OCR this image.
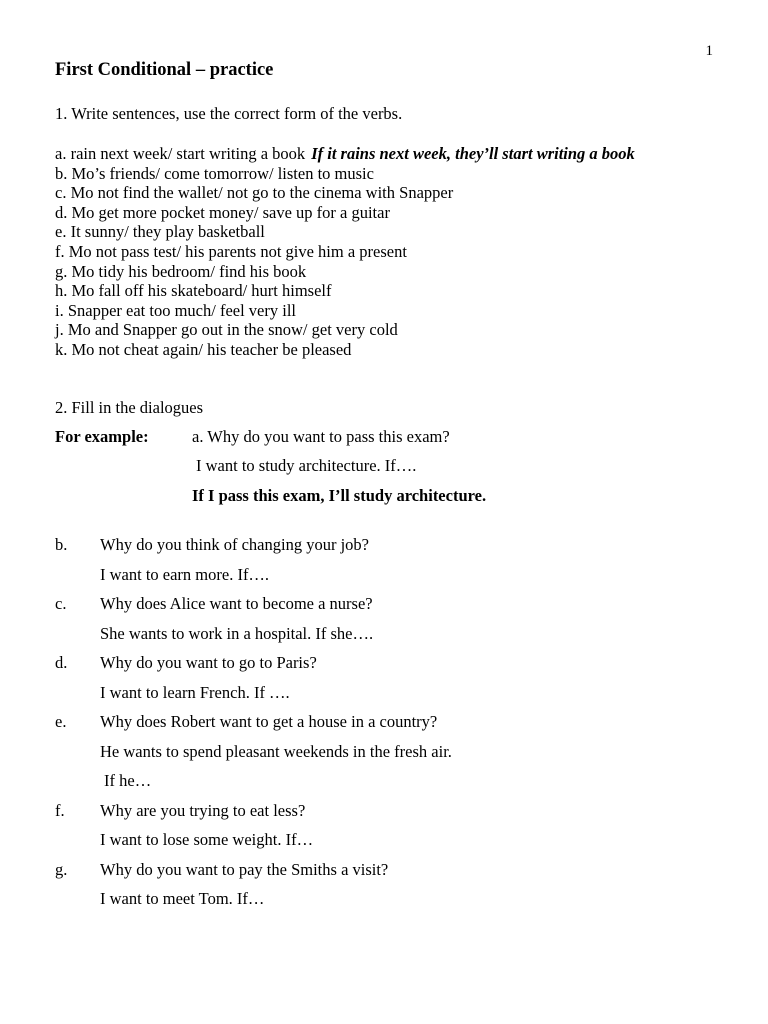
1
First Conditional – practice
1. Write sentences, use the correct form of the verbs.
a. rain next week/ start writing a book If it rains next week, they’ll start writing a book
b. Mo’s friends/ come tomorrow/ listen to music
c. Mo not find the wallet/ not go to the cinema with Snapper
d. Mo get more pocket money/ save up for a guitar
e. It sunny/ they play basketball
f. Mo not pass test/ his parents not give him a present
g. Mo tidy his bedroom/ find his book
h. Mo fall off his skateboard/ hurt himself
i. Snapper eat too much/ feel very ill
j. Mo and Snapper go out in the snow/ get very cold
k. Mo not cheat again/ his teacher be pleased
2. Fill in the dialogues
For example:	a. Why do you want to pass this exam?
I want to study architecture. If….
If I pass this exam, I’ll study architecture.
b. Why do you think of changing your job?
I want to earn more. If….
c. Why does Alice want to become a nurse?
She wants to work in a hospital. If she….
d. Why do you want to go to Paris?
I want to learn French. If ….
e. Why does Robert want to get a house in a country?
He wants to spend pleasant weekends in the fresh air.
If he…
f. Why are you trying to eat less?
I want to lose some weight. If…
g. Why do you want to pay the Smiths a visit?
I want to meet Tom. If…
